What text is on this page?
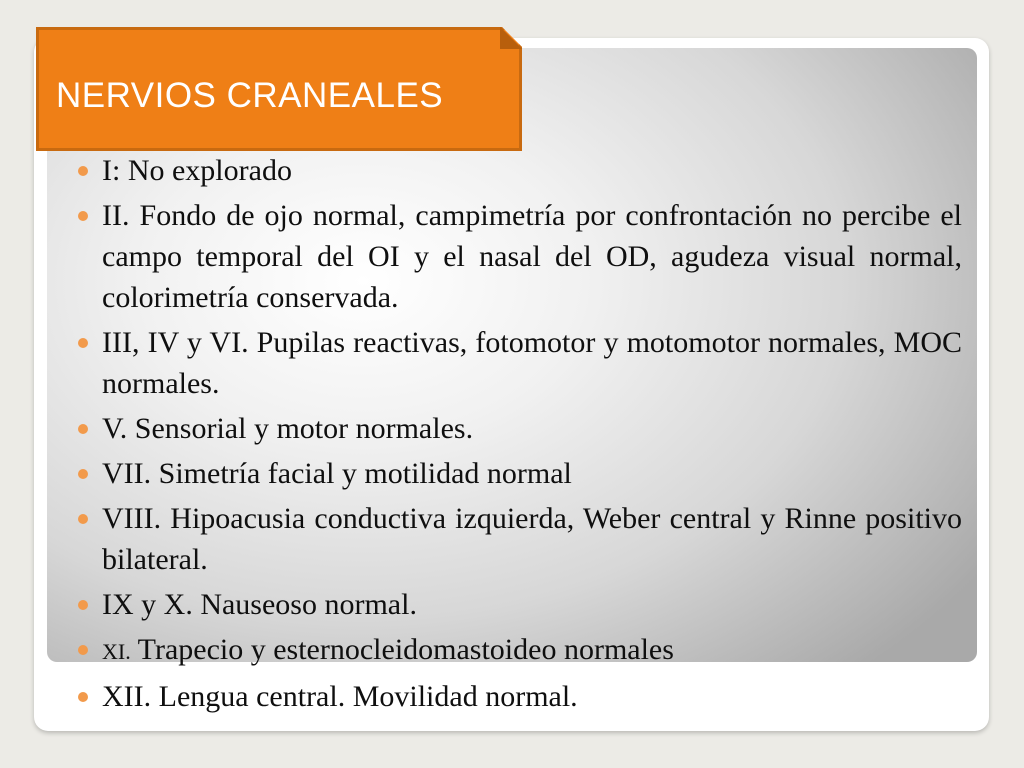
NERVIOS CRANEALES
I: No explorado
II. Fondo de ojo normal, campimetría por confrontación no percibe el campo temporal del OI y el nasal del OD, agudeza visual normal, colorimetría conservada.
III, IV y VI. Pupilas reactivas, fotomotor y motomotor normales, MOC normales.
V. Sensorial y motor normales.
VII. Simetría facial y motilidad normal
VIII. Hipoacusia conductiva izquierda, Weber central y Rinne positivo bilateral.
IX y X. Nauseoso normal.
XI. Trapecio y esternocleidomastoideo normales
XII. Lengua central. Movilidad normal.
